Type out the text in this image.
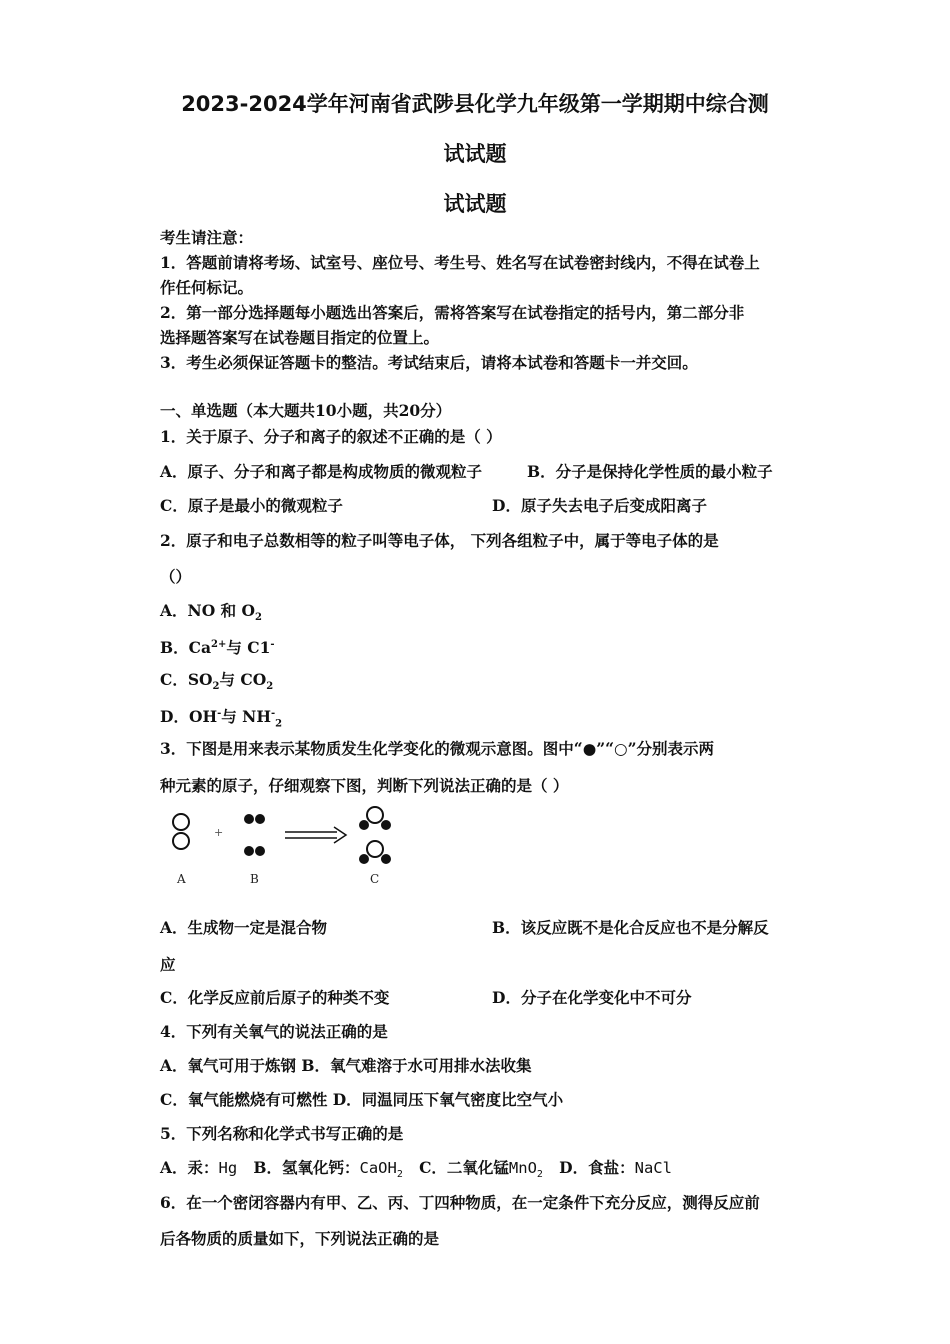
2023-2024学年河南省武陟县化学九年级第一学期期中综合测
试试题
试试题
考生请注意：
1．答题前请将考场、试室号、座位号、考生号、姓名写在试卷密封线内，不得在试卷上
作任何标记。
2．第一部分选择题每小题选出答案后，需将答案写在试卷指定的括号内，第二部分非
选择题答案写在试卷题目指定的位置上。
3．考生必须保证答题卡的整洁。考试结束后，请将本试卷和答题卡一并交回。
一、单选题（本大题共10小题，共20分）
1．关于原子、分子和离子的叙述不正确的是（ ）
A．原子、分子和离子都是构成物质的微观粒子	B．分子是保持化学性质的最小粒子
C．原子是最小的微观粒子	D．原子失去电子后变成阳离子
2．原子和电子总数相等的粒子叫等电子体， 下列各组粒子中，属于等电子体的是
（）
A．NO 和 $O_2$
B．$Ca^{2+}$与 C1-
C．$SO_2$与 $CO_2$
D．OH-与 $NH^-_2$
3．下图是用来表示某物质发生化学变化的微观示意图。图中“●”“○”分别表示两
种元素的原子，仔细观察下图，判断下列说法正确的是（ ）
+
A	B	C
A．生成物一定是混合物	B．该反应既不是化合反应也不是分解反
应
C．化学反应前后原子的种类不变	D．分子在化学变化中不可分
4．下列有关氧气的说法正确的是
A．氧气可用于炼钢 B．氧气难溶于水可用排水法收集
C．氧气能燃烧有可燃性 D．同温同压下氧气密度比空气小
5．下列名称和化学式书写正确的是
A．汞：Hg B．氢氧化钙：CaOH$_2$ C．二氧化锰MnO$_2$ D．食盐：NaCl
6．在一个密闭容器内有甲、乙、丙、丁四种物质，在一定条件下充分反应，测得反应前
后各物质的质量如下，下列说法正确的是
